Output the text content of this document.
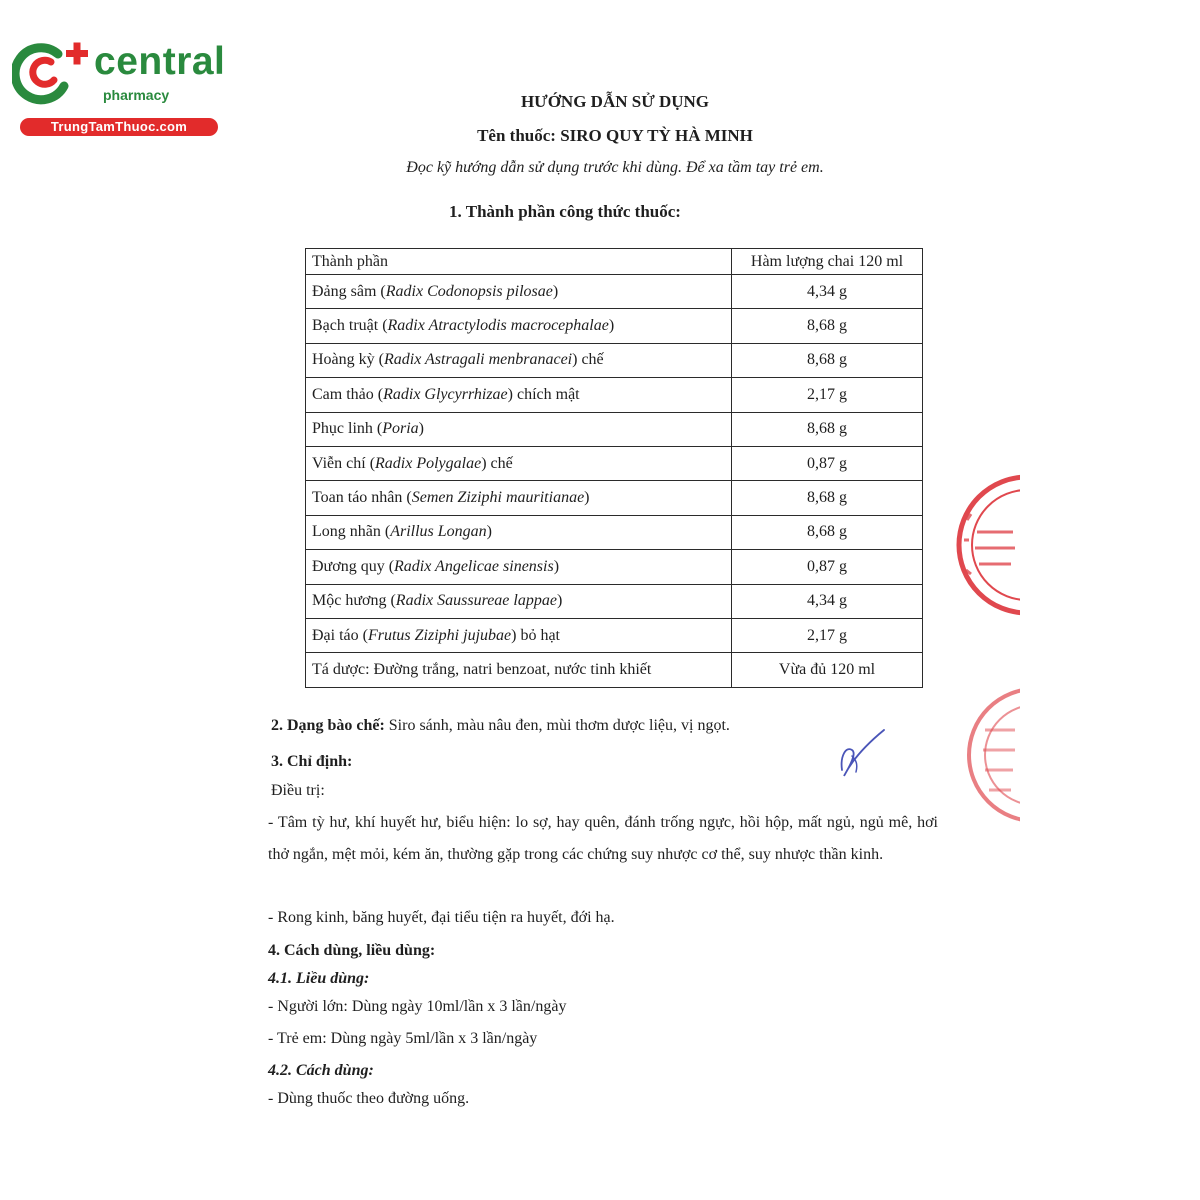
central
pharmacy
TrungTamThuoc.com
HƯỚNG DẪN SỬ DỤNG
Tên thuốc: SIRO QUY TỲ HÀ MINH
Đọc kỹ hướng dẫn sử dụng trước khi dùng. Để xa tầm tay trẻ em.
1. Thành phần công thức thuốc:
Thành phần	Hàm lượng chai 120 ml
Đảng sâm (Radix Codonopsis pilosae)	4,34 g
Bạch truật (Radix Atractylodis macrocephalae)	8,68 g
Hoàng kỳ (Radix Astragali menbranacei) chế	8,68 g
Cam thảo (Radix Glycyrrhizae) chích mật	2,17 g
Phục linh (Poria)	8,68 g
Viễn chí (Radix Polygalae) chế	0,87 g
Toan táo nhân (Semen Ziziphi mauritianae)	8,68 g
Long nhãn (Arillus Longan)	8,68 g
Đương quy (Radix Angelicae sinensis)	0,87 g
Mộc hương (Radix Saussureae lappae)	4,34 g
Đại táo (Frutus Ziziphi jujubae) bỏ hạt	2,17 g
Tá dược: Đường trắng, natri benzoat, nước tinh khiết	Vừa đủ 120 ml
2. Dạng bào chế: Siro sánh, màu nâu đen, mùi thơm dược liệu, vị ngọt.
3. Chỉ định:
Điều trị:
- Tâm tỳ hư, khí huyết hư, biểu hiện: lo sợ, hay quên, đánh trống ngực, hồi hộp, mất ngủ, ngủ mê, hơi thở ngắn, mệt mỏi, kém ăn, thường gặp trong các chứng suy nhược cơ thể, suy nhược thần kinh.
- Rong kinh, băng huyết, đại tiểu tiện ra huyết, đới hạ.
4. Cách dùng, liều dùng:
4.1. Liều dùng:
- Người lớn: Dùng ngày 10ml/lần x 3 lần/ngày
- Trẻ em: Dùng ngày 5ml/lần x 3 lần/ngày
4.2. Cách dùng:
- Dùng thuốc theo đường uống.
